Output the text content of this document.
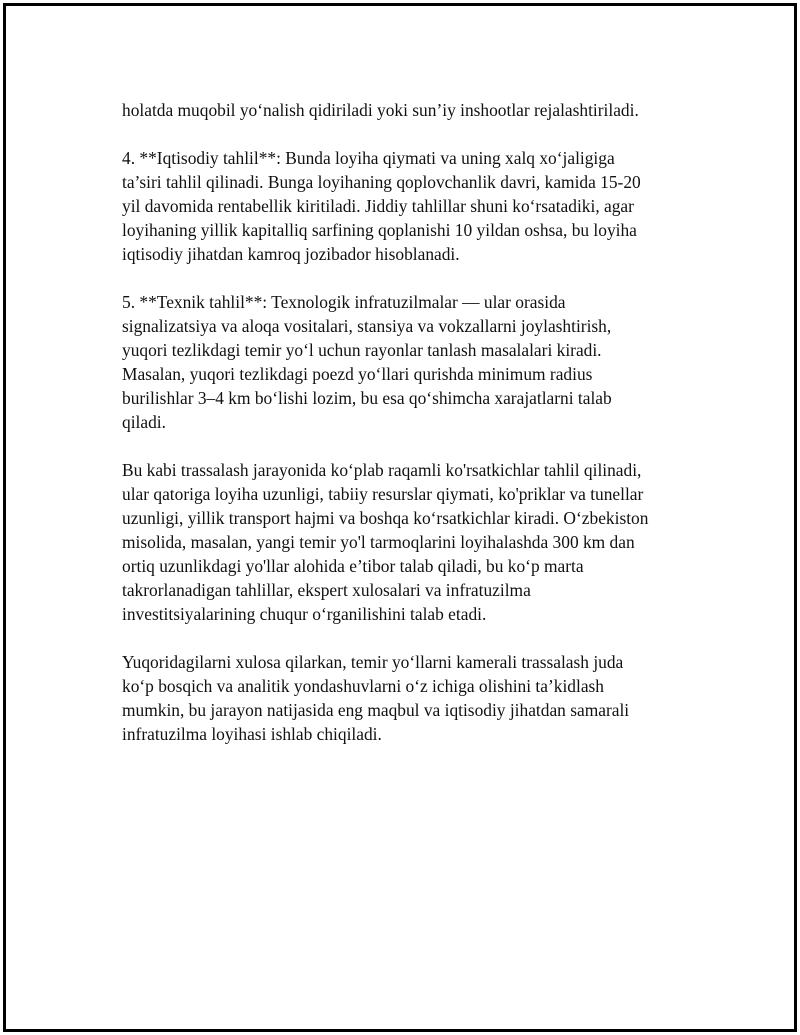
holatda muqobil yo‘nalish qidiriladi yoki sun’iy inshootlar rejalashtiriladi.

4. **Iqtisodiy tahlil**: Bunda loyiha qiymati va uning xalq xo‘jaligiga
ta’siri tahlil qilinadi. Bunga loyihaning qoplovchanlik davri, kamida 15-20
yil davomida rentabellik kiritiladi. Jiddiy tahlillar shuni ko‘rsatadiki, agar
loyihaning yillik kapitalliq sarfining qoplanishi 10 yildan oshsa, bu loyiha
iqtisodiy jihatdan kamroq jozibador hisoblanadi.

5. **Texnik tahlil**: Texnologik infratuzilmalar — ular orasida
signalizatsiya va aloqa vositalari, stansiya va vokzallarni joylashtirish,
yuqori tezlikdagi temir yo‘l uchun rayonlar tanlash masalalari kiradi.
Masalan, yuqori tezlikdagi poezd yo‘llari qurishda minimum radius
burilishlar 3–4 km bo‘lishi lozim, bu esa qo‘shimcha xarajatlarni talab
qiladi.

Bu kabi trassalash jarayonida ko‘plab raqamli ko'rsatkichlar tahlil qilinadi,
ular qatoriga loyiha uzunligi, tabiiy resurslar qiymati, ko'priklar va tunellar
uzunligi, yillik transport hajmi va boshqa ko‘rsatkichlar kiradi. O‘zbekiston
misolida, masalan, yangi temir yo'l tarmoqlarini loyihalashda 300 km dan
ortiq uzunlikdagi yo'llar alohida e’tibor talab qiladi, bu ko‘p marta
takrorlanadigan tahlillar, ekspert xulosalari va infratuzilma
investitsiyalarining chuqur o‘rganilishini talab etadi.

Yuqoridagilarni xulosa qilarkan, temir yo‘llarni kamerali trassalash juda
ko‘p bosqich va analitik yondashuvlarni o‘z ichiga olishini ta’kidlash
mumkin, bu jarayon natijasida eng maqbul va iqtisodiy jihatdan samarali
infratuzilma loyihasi ishlab chiqiladi.
